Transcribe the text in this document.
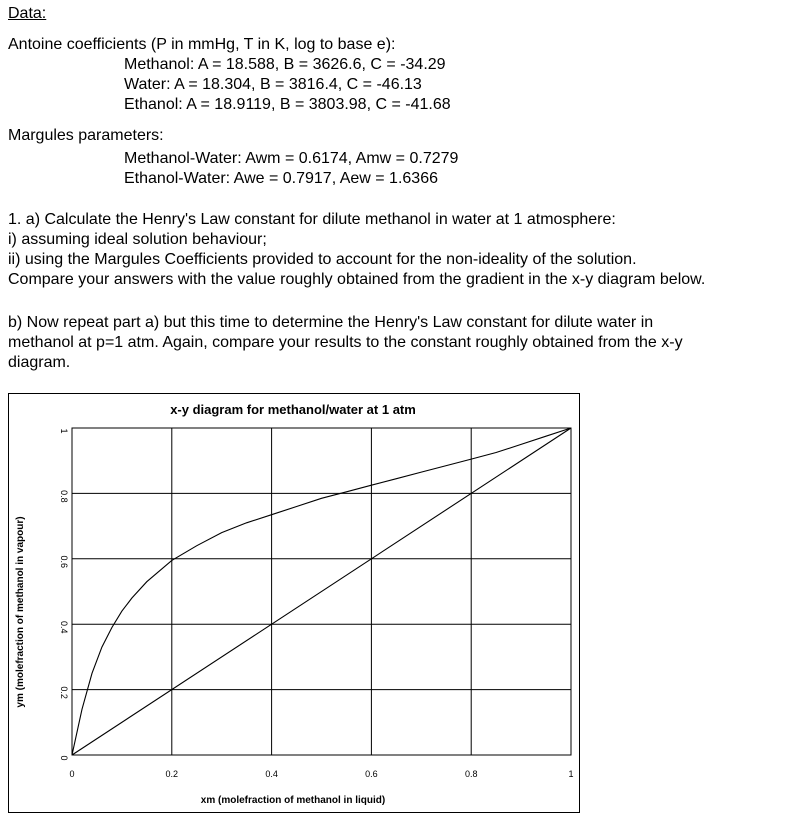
Data:
Antoine coefficients (P in mmHg, T in K, log to base e):
Methanol: A = 18.588, B = 3626.6, C = -34.29
Water: A = 18.304, B = 3816.4, C = -46.13
Ethanol: A = 18.9119, B = 3803.98, C = -41.68
Margules parameters:
Methanol-Water: Awm = 0.6174, Amw = 0.7279
Ethanol-Water: Awe = 0.7917, Aew = 1.6366
1. a) Calculate the Henry's Law constant for dilute methanol in water at 1 atmosphere:
i) assuming ideal solution behaviour;
ii) using the Margules Coefficients provided to account for the non-ideality of the solution.
Compare your answers with the value roughly obtained from the gradient in the x-y diagram below.
b) Now repeat part a) but this time to determine the Henry's Law constant for dilute water in
methanol at p=1 atm. Again, compare your results to the constant roughly obtained from the x-y
diagram.
0	0.2	0.4	0.6	0.8	1
0
0.2
0.4
0.6
0.8
1
x-y diagram for methanol/water at 1 atm
xm (molefraction of methanol in liquid)
ym (molefraction of methanol in vapour)
